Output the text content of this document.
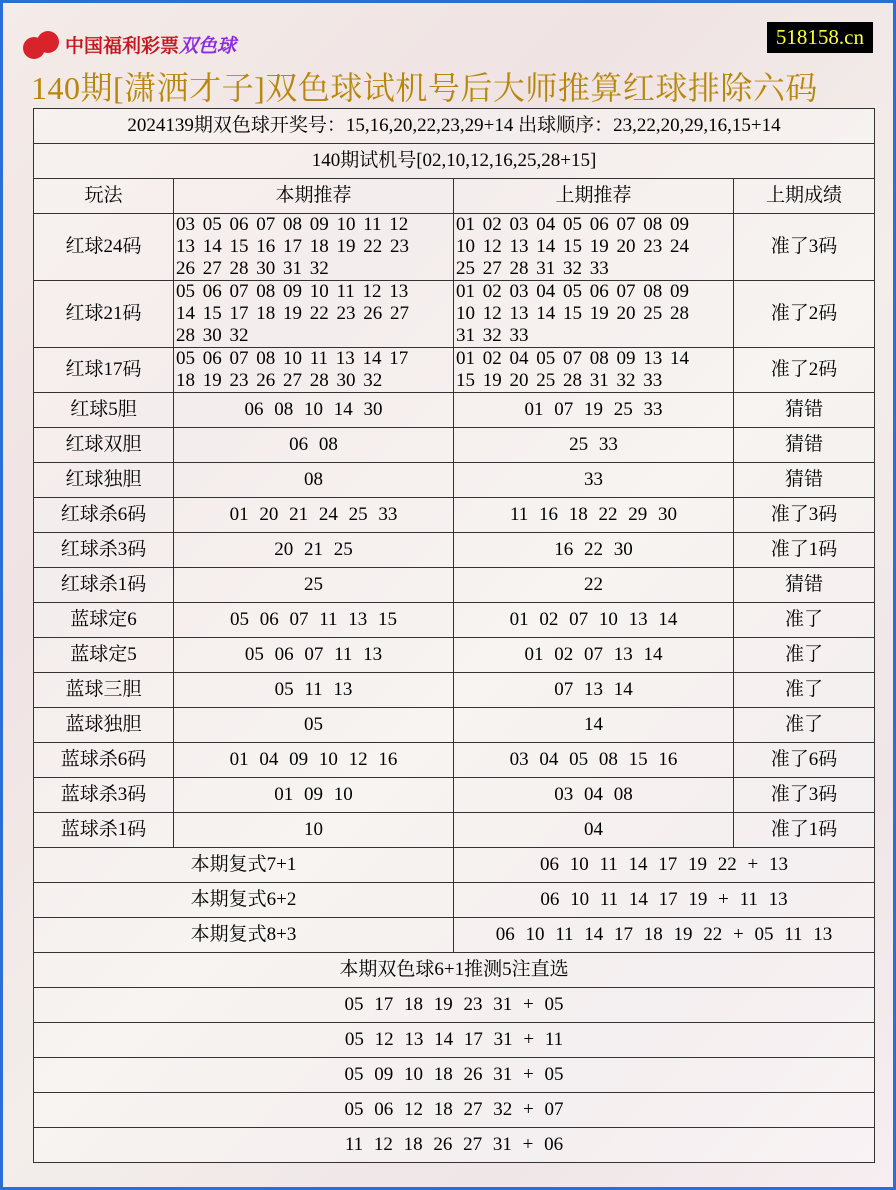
中国福利彩票双色球	518158.cn
140期[潇洒才子]双色球试机号后大师推算红球排除六码
2024139期双色球开奖号：15,16,20,22,23,29+14 出球顺序：23,22,20,29,16,15+14			
140期试机号[02,10,12,16,25,28+15]			
玩法	本期推荐	上期推荐	上期成绩
红球24码	03 05 06 07 08 09 10 11 12
13 14 15 16 17 18 19 22 23
26 27 28 30 31 32	01 02 03 04 05 06 07 08 09
10 12 13 14 15 19 20 23 24
25 27 28 31 32 33	准了3码
红球21码	05 06 07 08 09 10 11 12 13
14 15 17 18 19 22 23 26 27
28 30 32	01 02 03 04 05 06 07 08 09
10 12 13 14 15 19 20 25 28
31 32 33	准了2码
红球17码	05 06 07 08 10 11 13 14 17
18 19 23 26 27 28 30 32	01 02 04 05 07 08 09 13 14
15 19 20 25 28 31 32 33	准了2码
红球5胆	06 08 10 14 30	01 07 19 25 33	猜错
红球双胆	06 08	25 33	猜错
红球独胆	08	33	猜错
红球杀6码	01 20 21 24 25 33	11 16 18 22 29 30	准了3码
红球杀3码	20 21 25	16 22 30	准了1码
红球杀1码	25	22	猜错
蓝球定6	05 06 07 11 13 15	01 02 07 10 13 14	准了
蓝球定5	05 06 07 11 13	01 02 07 13 14	准了
蓝球三胆	05 11 13	07 13 14	准了
蓝球独胆	05	14	准了
蓝球杀6码	01 04 09 10 12 16	03 04 05 08 15 16	准了6码
蓝球杀3码	01 09 10	03 04 08	准了3码
蓝球杀1码	10	04	准了1码
本期复式7+1		06 10 11 14 17 19 22 + 13	
本期复式6+2		06 10 11 14 17 19 + 11 13	
本期复式8+3		06 10 11 14 17 18 19 22 + 05 11 13	
本期双色球6+1推测5注直选			
05 17 18 19 23 31 + 05			
05 12 13 14 17 31 + 11			
05 09 10 18 26 31 + 05			
05 06 12 18 27 32 + 07			
11 12 18 26 27 31 + 06			
